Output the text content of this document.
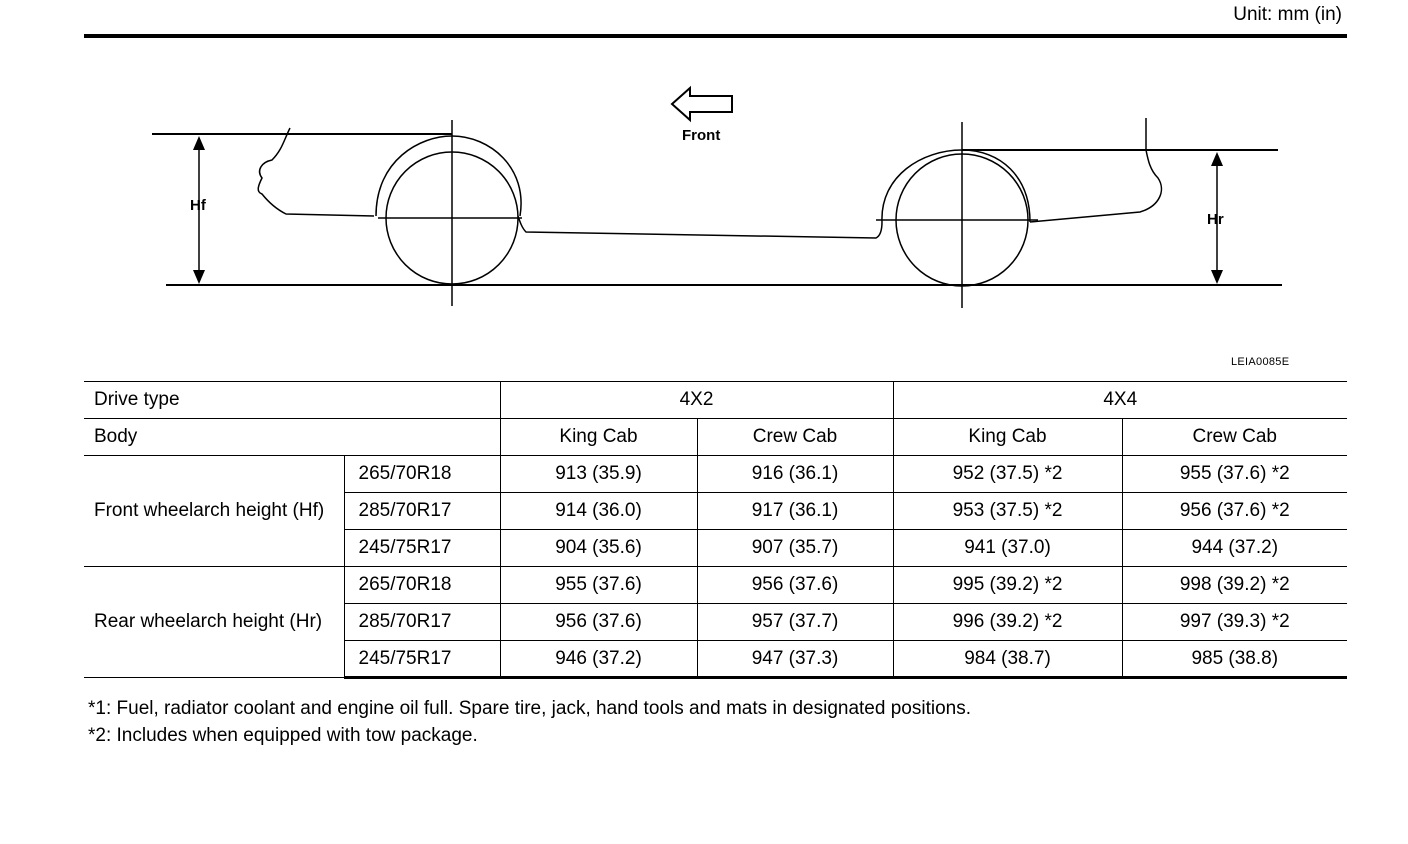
Unit: mm (in)
Front
Hf
Hr
LEIA0085E
Drive type		4X2		4X4	
Body		King Cab	Crew Cab	King Cab	Crew Cab
Front wheelarch height (Hf)	265/70R18	913 (35.9)	916 (36.1)	952 (37.5) *2	955 (37.6) *2
	285/70R17	914 (36.0)	917 (36.1)	953 (37.5) *2	956 (37.6) *2
	245/75R17	904 (35.6)	907 (35.7)	941 (37.0)	944 (37.2)
Rear wheelarch height (Hr)	265/70R18	955 (37.6)	956 (37.6)	995 (39.2) *2	998 (39.2) *2
	285/70R17	956 (37.6)	957 (37.7)	996 (39.2) *2	997 (39.3) *2
	245/75R17	946 (37.2)	947 (37.3)	984 (38.7)	985 (38.8)
*1: Fuel, radiator coolant and engine oil full. Spare tire, jack, hand tools and mats in designated positions.
*2: Includes when equipped with tow package.
